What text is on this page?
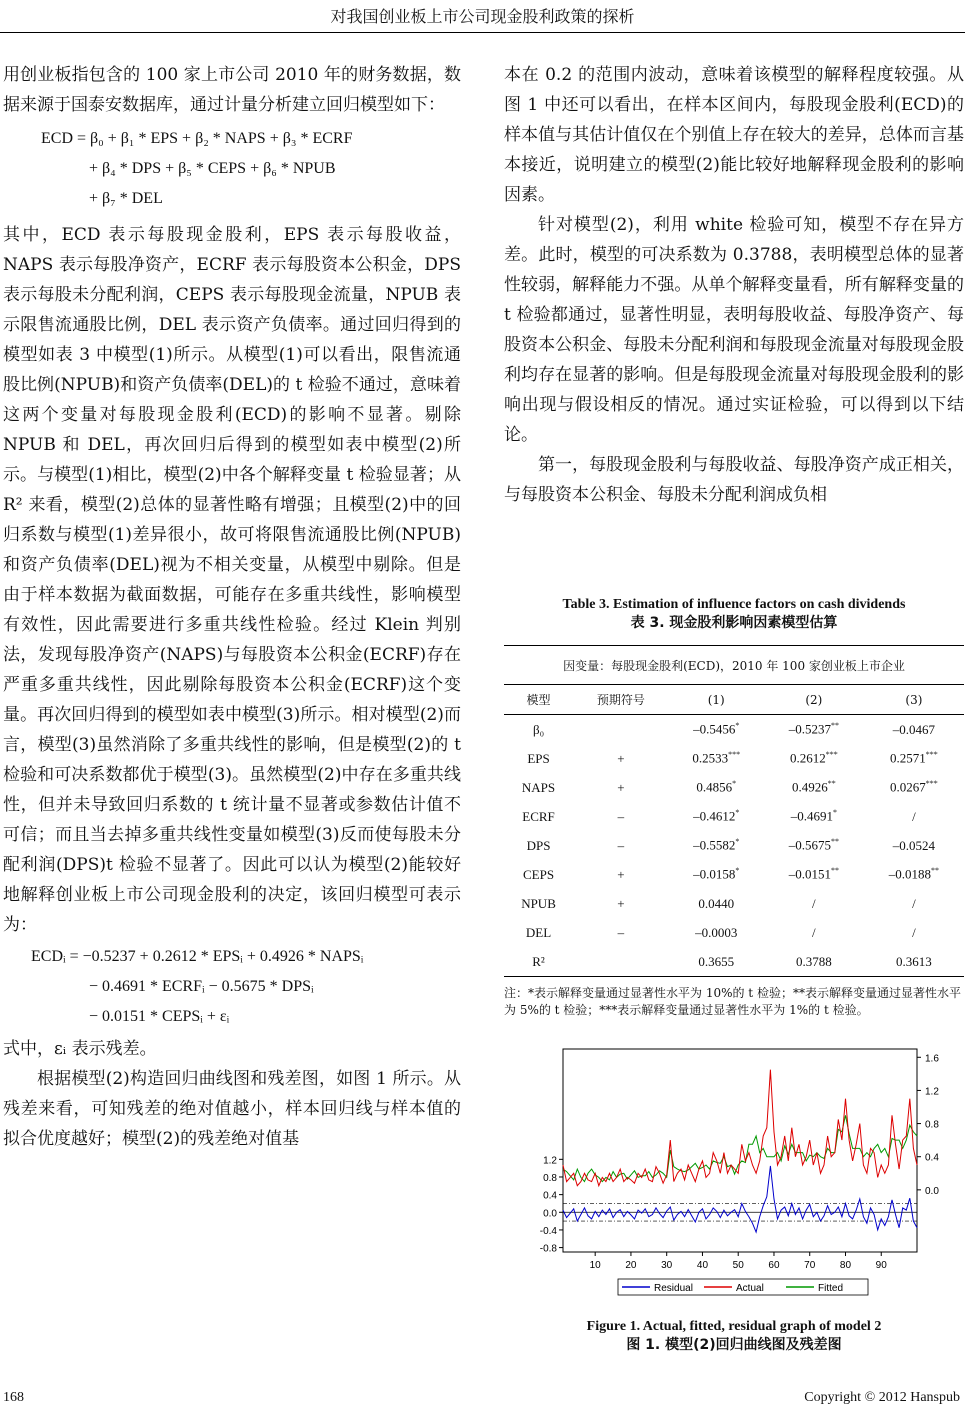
对我国创业板上市公司现金股利政策的探析

用创业板指包含的 100 家上市公司 2010 年的财务数据，数据来源于国泰安数据库，通过计量分析建立回归模型如下：

ECD = β₀ + β₁ * EPS + β₂ * NAPS + β₃ * ECRF
+ β₄ * DPS + β₅ * CEPS + β₆ * NPUB
+ β₇ * DEL

其中，ECD 表示每股现金股利，EPS 表示每股收益，NAPS 表示每股净资产，ECRF 表示每股资本公积金，DPS 表示每股未分配利润，CEPS 表示每股现金流量，NPUB 表示限售流通股比例，DEL 表示资产负债率。通过回归得到的模型如表 3 中模型(1)所示。从模型(1)可以看出，限售流通股比例(NPUB)和资产负债率(DEL)的 t 检验不通过，意味着这两个变量对每股现金股利(ECD)的影响不显著。剔除 NPUB 和 DEL，再次回归后得到的模型如表中模型(2)所示。与模型(1)相比，模型(2)中各个解释变量 t 检验显著；从 R² 来看，模型(2)总体的显著性略有增强；且模型(2)中的回归系数与模型(1)差异很小，故可将限售流通股比例(NPUB)和资产负债率(DEL)视为不相关变量，从模型中剔除。但是由于样本数据为截面数据，可能存在多重共线性，影响模型有效性，因此需要进行多重共线性检验。经过 Klein 判别法，发现每股净资产(NAPS)与每股资本公积金(ECRF)存在严重多重共线性，因此剔除每股资本公积金(ECRF)这个变量。再次回归得到的模型如表中模型(3)所示。相对模型(2)而言，模型(3)虽然消除了多重共线性的影响，但是模型(2)的 t 检验和可决系数都优于模型(3)。虽然模型(2)中存在多重共线性，但并未导致回归系数的 t 统计量不显著或参数估计值不可信；而且当去掉多重共线性变量如模型(3)反而使每股未分配利润(DPS)t 检验不显著了。因此可以认为模型(2)能较好地解释创业板上市公司现金股利的决定，该回归模型可表示为：

ECDᵢ = −0.5237 + 0.2612 * EPSᵢ + 0.4926 * NAPSᵢ
− 0.4691 * ECRFᵢ − 0.5675 * DPSᵢ
− 0.0151 * CEPSᵢ + εᵢ

式中，εᵢ 表示残差。

根据模型(2)构造回归曲线图和残差图，如图 1 所示。从残差来看，可知残差的绝对值越小，样本回归线与样本值的拟合优度越好；模型(2)的残差绝对值基

本在 0.2 的范围内波动，意味着该模型的解释程度较强。从图 1 中还可以看出，在样本区间内，每股现金股利(ECD)的样本值与其估计值仅在个别值上存在较大的差异，总体而言基本接近，说明建立的模型(2)能比较好地解释现金股利的影响因素。

针对模型(2)，利用 white 检验可知，模型不存在异方差。此时，模型的可决系数为 0.3788，表明模型总体的显著性较弱，解释能力不强。从单个解释变量看，所有解释变量的 t 检验都通过，显著性明显，表明每股收益、每股净资产、每股资本公积金、每股未分配利润和每股现金流量对每股现金股利均存在显著的影响。但是每股现金流量对每股现金股利的影响出现与假设相反的情况。通过实证检验，可以得到以下结论。

第一，每股现金股利与每股收益、每股净资产成正相关，与每股资本公积金、每股未分配利润成负相

Table 3. Estimation of influence factors on cash dividends
表 3. 现金股利影响因素模型估算
因变量：每股现金股利(ECD)，2010 年 100 家创业板上市企业				
模型	预期符号	(1)	(2)	(3)
β₀		–0.5456*	–0.5237**	–0.0467
EPS	+	0.2533***	0.2612***	0.2571***
NAPS	+	0.4856*	0.4926**	0.0267***
ECRF	–	–0.4612*	–0.4691*	/
DPS	–	–0.5582*	–0.5675**	–0.0524
CEPS	+	–0.0158*	–0.0151**	–0.0188**
NPUB	+	0.0440	/	/
DEL	–	–0.0003	/	/
R²		0.3655	0.3788	0.3613
注：*表示解释变量通过显著性水平为 10%的 t 检验；**表示解释变量通过显著性水平为 5%的 t 检验；***表示解释变量通过显著性水平为 1%的 t 检验。
-0.8
-0.4
0.0
0.4
0.8
1.2
0.0
0.4
0.8
1.2
1.6
10 20 30 40 50 60 70 80 90
Residual	Actual	Fitted
Figure 1. Actual, fitted, residual graph of model 2
图 1. 模型(2)回归曲线图及残差图
168	Copyright © 2012 Hanspub
